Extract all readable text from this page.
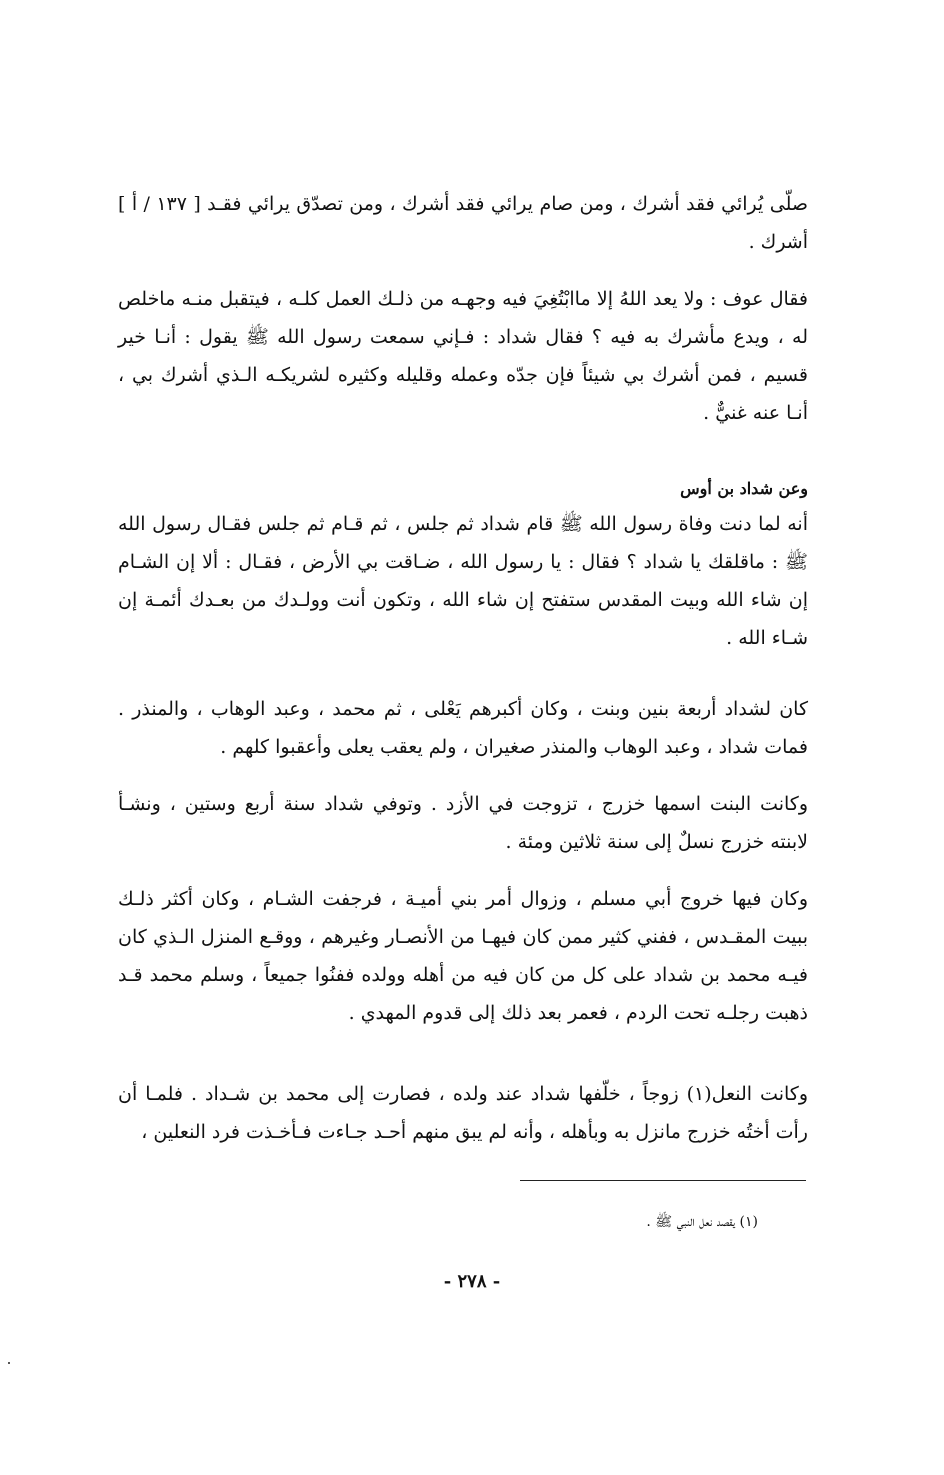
صلّى يُرائي فقد أشرك ، ومن صام يرائي فقد أشرك ، ومن تصدّق يرائي فقـد [ ١٣٧ / أ ] أشرك .

فقال عوف : ولا يعد اللهُ إلا ماابْتُغِيَ فيه وجهـه من ذلـك العمل كلـه ، فيتقبل منـه ماخلص له ، ويدع مأشرك به فيه ؟ فقال شداد : فـإني سمعت رسول الله ﷺ يقول : أنـا خير قسيم ، فمن أشرك بي شيئاً فإن جدّه وعمله وقليله وكثيره لشريكـه الـذي أشرك بي ، أنـا عنه غنيٌّ .

وعن شداد بن أوس

أنه لما دنت وفاة رسول الله ﷺ قام شداد ثم جلس ، ثم قـام ثم جلس فقـال رسول الله ﷺ : ماقلقك يا شداد ؟ فقال : يا رسول الله ، ضـاقت بي الأرض ، فقـال : ألا إن الشـام إن شاء الله وبيت المقدس ستفتح إن شاء الله ، وتكون أنت وولـدك من بعـدك أئمـة إن شـاء الله .

كان لشداد أربعة بنين وبنت ، وكان أكبرهم يَعْلى ، ثم محمد ، وعبد الوهاب ، والمنذر . فمات شداد ، وعبد الوهاب والمنذر صغيران ، ولم يعقب يعلى وأعقبوا كلهم .

وكانت البنت اسمها خزرج ، تزوجت في الأزد . وتوفي شداد سنة أربع وستين ، ونشـأ لابنته خزرج نسلٌ إلى سنة ثلاثين ومئة .

وكان فيها خروج أبي مسلم ، وزوال أمر بني أميـة ، فرجفت الشـام ، وكان أكثر ذلـك ببيت المقـدس ، ففني كثير ممن كان فيهـا من الأنصـار وغيرهم ، ووقـع المنزل الـذي كان فيـه محمد بن شداد على كل من كان فيه من أهله وولده ففنُوا جميعاً ، وسلم محمد قـد ذهبت رجلـه تحت الردم ، فعمر بعد ذلك إلى قدوم المهدي .

وكانت النعل(١) زوجاً ، خلّفها شداد عند ولده ، فصارت إلى محمد بن شـداد . فلمـا أن رأت أختُه خزرج مانزل به وبأهله ، وأنه لم يبق منهم أحـد جـاءت فـأخـذت فرد النعلين ،

(١) يقصد نعل النبي ﷺ .

- ٢٧٨ -
